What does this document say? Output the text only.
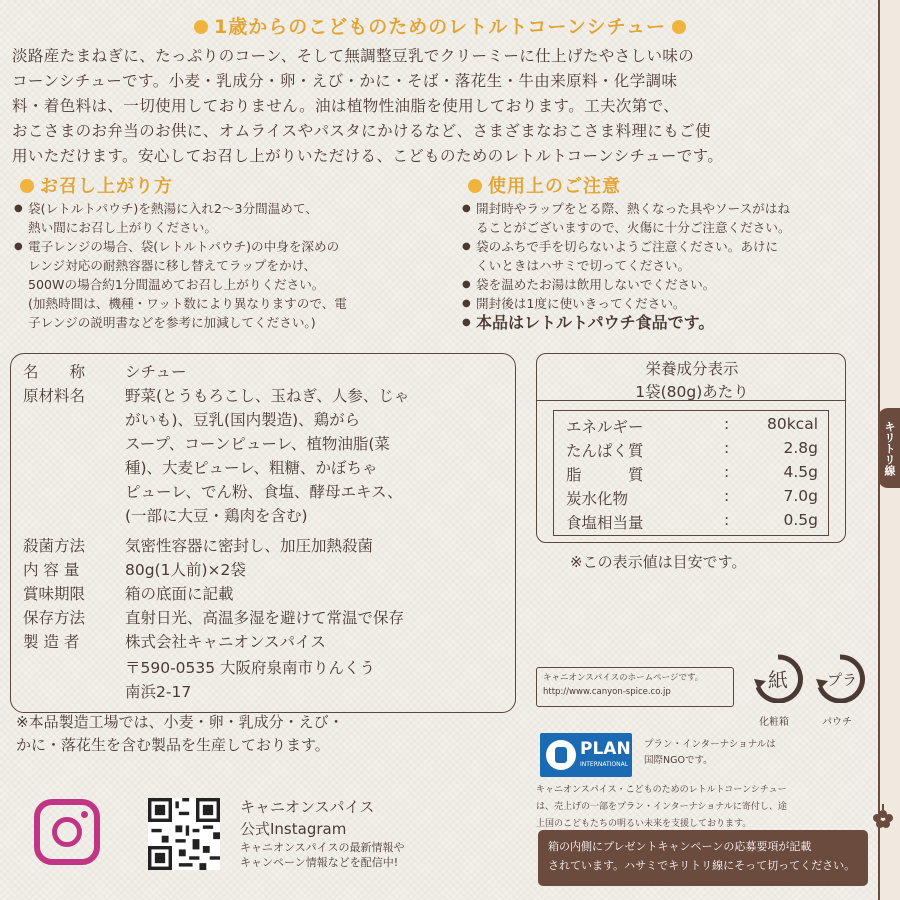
キリトリ線
1歳からのこどものためのレトルトコーンシチュー
淡路産たまねぎに、たっぷりのコーン、そして無調整豆乳でクリーミーに仕上げたやさしい味の
コーンシチューです。小麦・乳成分・卵・えび・かに・そば・落花生・牛由来原料・化学調味
料・着色料は、一切使用しておりません。油は植物性油脂を使用しております。工夫次第で、
おこさまのお弁当のお供に、オムライスやパスタにかけるなど、さまざまなおこさま料理にもご使
用いただけます。安心してお召し上がりいただける、こどものためのレトルトコーンシチューです。
お召し上がり方
● 袋(レトルトパウチ)を熱湯に入れ2〜3分間温めて、
熱い間にお召し上がりください。
● 電子レンジの場合、袋(レトルトパウチ)の中身を深めの
レンジ対応の耐熱容器に移し替えてラップをかけ、
500Wの場合約1分間温めてお召し上がりください。
(加熱時間は、機種・ワット数により異なりますので、電
子レンジの説明書などを参考に加減してください。)
使用上のご注意
● 開封時やラップをとる際、熱くなった具やソースがはね
ることがございますので、火傷に十分ご注意ください。
● 袋のふちで手を切らないようご注意ください。あけに
くいときはハサミで切ってください。
● 袋を温めたお湯は飲用しないでください。
● 開封後は1度に使いきってください。
● 本品はレトルトパウチ食品です。
名　　称	シチュー
原材料名	野菜(とうもろこし、玉ねぎ、人参、じゃ
がいも)、豆乳(国内製造)、鶏がら
スープ、コーンピューレ、植物油脂(菜
種)、大麦ピューレ、粗糖、かぼちゃ
ピューレ、でん粉、食塩、酵母エキス、
(一部に大豆・鶏肉を含む)
殺菌方法	気密性容器に密封し、加圧加熱殺菌
内 容 量	80g(1人前)×2袋
賞味期限	箱の底面に記載
保存方法	直射日光、高温多湿を避けて常温で保存
製 造 者	株式会社キャニオンスパイス
〒590-0535 大阪府泉南市りんくう
南浜2-17
※本品製造工場では、小麦・卵・乳成分・えび・
かに・落花生を含む製品を生産しております。
栄養成分表示
1袋(80g)あたり
エネルギー	: 80kcal
たんぱく質	:	2.8g
脂　　　質	:	4.5g
炭水化物	:	7.0g
食塩相当量	:	0.5g
※この表示値は目安です。
キャニオンスパイスのホームページです。
http://www.canyon-spice.co.jp	紙	プラ
化粧箱	パウチ
PLAN
INTERNATIONAL
プラン・インターナショナルは
国際NGOです。
キャニオンスパイス・こどものためのレトルトコーンシチュー
は、売上げの一部をプラン・インターナショナルに寄付し、途
上国のこどもたちの明るい未来を支援しております。
箱の内側にプレゼントキャンペーンの応募要項が記載
されています。ハサミでキリトリ線にそって切ってください。
キャニオンスパイス
公式Instagram
キャニオンスパイスの最新情報や
キャンペーン情報などを配信中!
